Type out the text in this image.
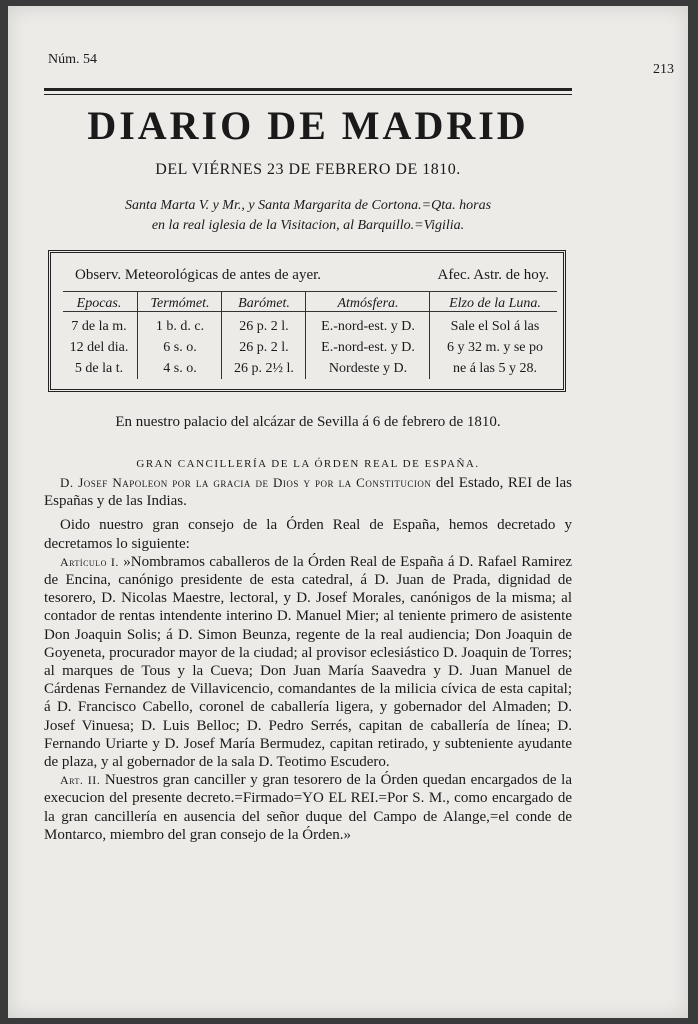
Núm. 54
213
DIARIO DE MADRID
DEL VIÉRNES 23 DE FEBRERO DE 1810.
Santa Marta V. y Mr., y Santa Margarita de Cortona.=Qta. horas
en la real iglesia de la Visitacion, al Barquillo.=Vigilia.
Observ. Meteorológicas de antes de ayer.	Afec. Astr. de hoy.
Epocas.
7 de la m.
12 del dia.
5 de la t.
Termómet.
1 b. d. c.
6 s. o.
4 s. o.
Barómet.
26 p. 2 l.
26 p. 2 l.
26 p. 2½ l.
Atmósfera.
E.-nord-est. y D.
E.-nord-est. y D.
Nordeste y D.
Elzo de la Luna.
Sale el Sol á las
6 y 32 m. y se po
ne á las 5 y 28.
En nuestro palacio del alcázar de Sevilla á 6 de febrero de 1810.
GRAN CANCILLERÍA DE LA ÓRDEN REAL DE ESPAÑA.

D. Josef Napoleon por la gracia de Dios y por la Constitucion del Estado, REI de las Españas y de las Indias.

Oido nuestro gran consejo de la Órden Real de España, hemos decretado y decretamos lo siguiente:

Artículo I. »Nombramos caballeros de la Órden Real de España á D. Rafael Ramirez de Encina, canónigo presidente de esta catedral, á D. Juan de Prada, dignidad de tesorero, D. Nicolas Maestre, lectoral, y D. Josef Morales, canónigos de la misma; al contador de rentas intendente interino D. Manuel Mier; al teniente primero de asistente Don Joaquin Solis; á D. Simon Beunza, regente de la real audiencia; Don Joaquin de Goyeneta, procurador mayor de la ciudad; al provisor eclesiástico D. Joaquin de Torres; al marques de Tous y la Cueva; Don Juan María Saavedra y D. Juan Manuel de Cárdenas Fernandez de Villavicencio, comandantes de la milicia cívica de esta capital; á D. Francisco Cabello, coronel de caballería ligera, y gobernador del Almaden; D. Josef Vinuesa; D. Luis Belloc; D. Pedro Serrés, capitan de caballería de línea; D. Fernando Uriarte y D. Josef María Bermudez, capitan retirado, y subteniente ayudante de plaza, y al gobernador de la sala D. Teotimo Escudero.

Art. II. Nuestros gran canciller y gran tesorero de la Órden quedan encargados de la execucion del presente decreto.=Firmado=YO EL REI.=Por S. M., como encargado de la gran cancillería en ausencia del señor duque del Campo de Alange,=el conde de Montarco, miembro del gran consejo de la Órden.»
